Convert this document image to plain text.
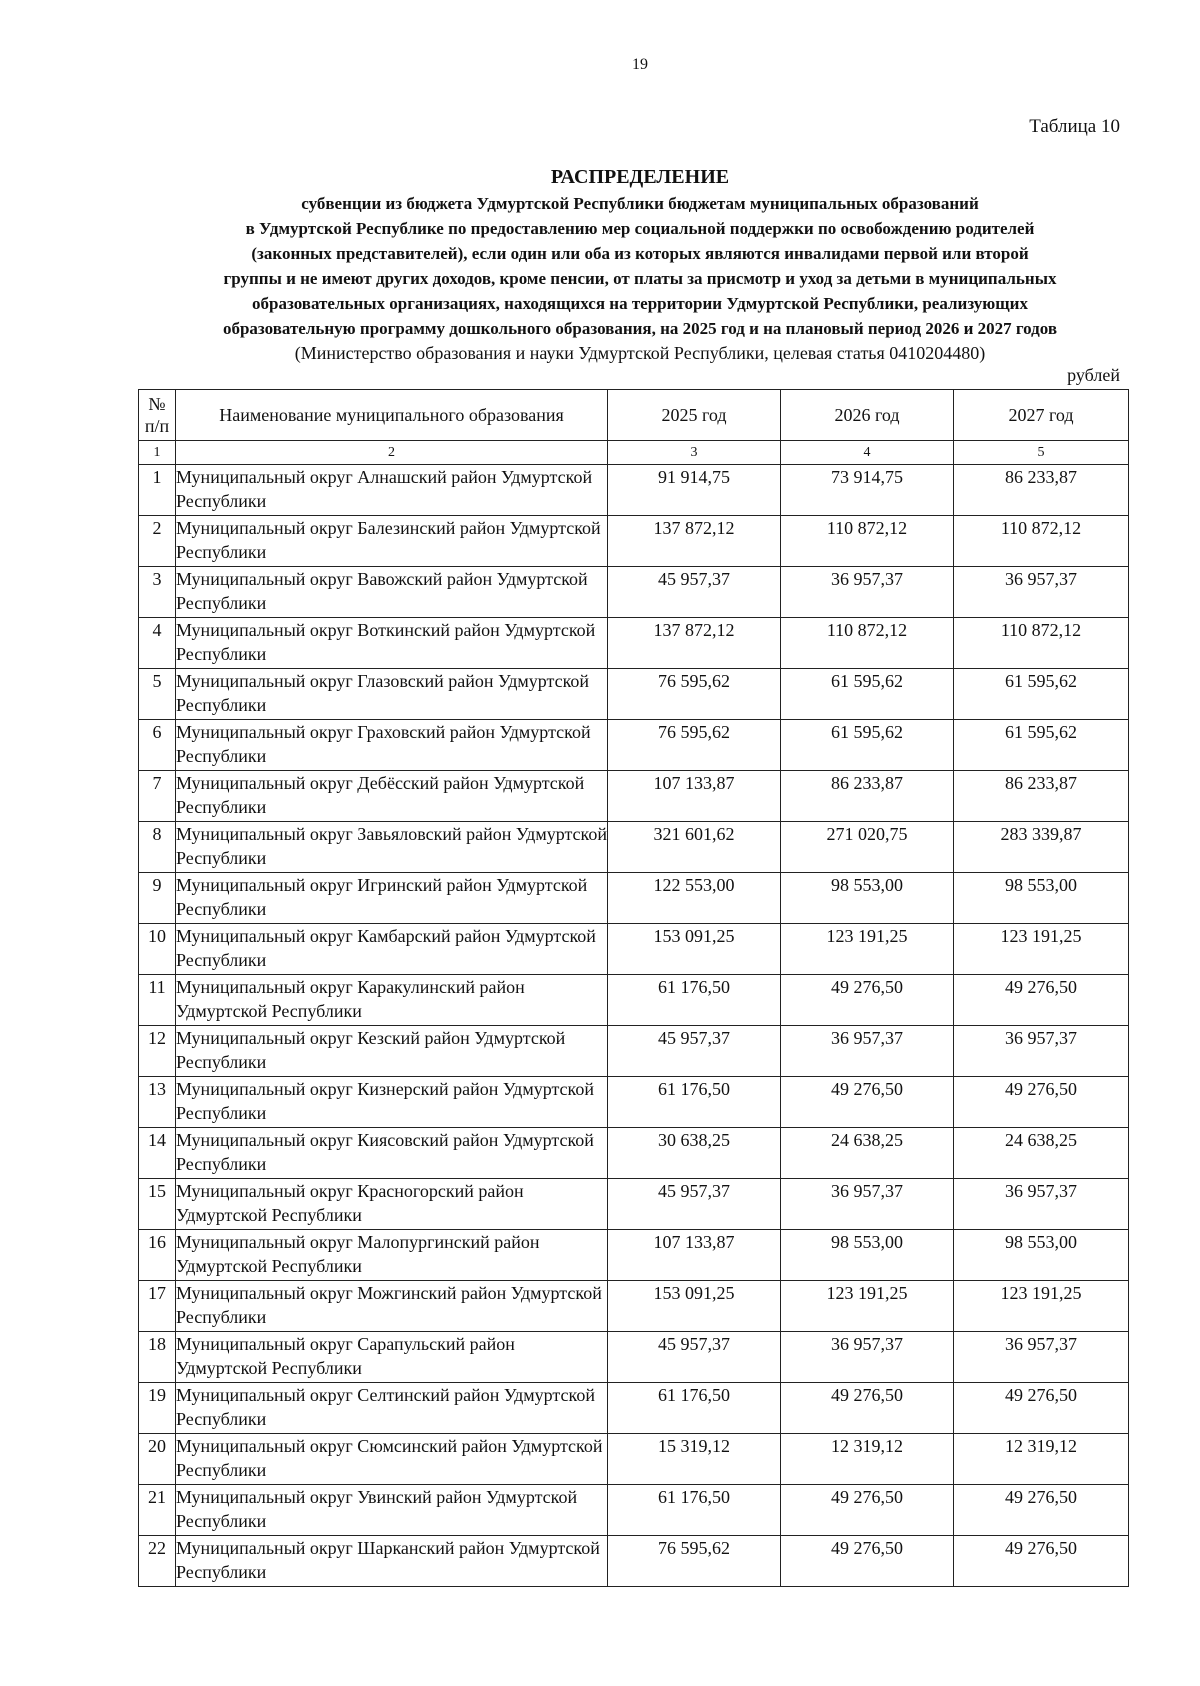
19
Таблица 10
РАСПРЕДЕЛЕНИЕ
субвенции из бюджета Удмуртской Республики бюджетам муниципальных образований
в Удмуртской Республике по предоставлению мер социальной поддержки по освобождению родителей
(законных представителей), если один или оба из которых являются инвалидами первой или второй
группы и не имеют других доходов, кроме пенсии, от платы за присмотр и уход за детьми в муниципальных
образовательных организациях, находящихся на территории Удмуртской Республики, реализующих
образовательную программу дошкольного образования, на 2025 год и на плановый период 2026 и 2027 годов
(Министерство образования и науки Удмуртской Республики, целевая статья 0410204480)
рублей
№ п/п	Наименование муниципального образования	2025 год	2026 год	2027 год
1	2	3	4	5
1	Муниципальный округ Алнашский район Удмуртской Республики	91 914,75	73 914,75	86 233,87
2	Муниципальный округ Балезинский район Удмуртской Республики	137 872,12	110 872,12	110 872,12
3	Муниципальный округ Вавожский район Удмуртской Республики	45 957,37	36 957,37	36 957,37
4	Муниципальный округ Воткинский район Удмуртской Республики	137 872,12	110 872,12	110 872,12
5	Муниципальный округ Глазовский район Удмуртской Республики	76 595,62	61 595,62	61 595,62
6	Муниципальный округ Граховский район Удмуртской Республики	76 595,62	61 595,62	61 595,62
7	Муниципальный округ Дебёсский район Удмуртской Республики	107 133,87	86 233,87	86 233,87
8	Муниципальный округ Завьяловский район Удмуртской Республики	321 601,62	271 020,75	283 339,87
9	Муниципальный округ Игринский район Удмуртской Республики	122 553,00	98 553,00	98 553,00
10	Муниципальный округ Камбарский район Удмуртской Республики	153 091,25	123 191,25	123 191,25
11	Муниципальный округ Каракулинский район Удмуртской Республики	61 176,50	49 276,50	49 276,50
12	Муниципальный округ Кезский район Удмуртской Республики	45 957,37	36 957,37	36 957,37
13	Муниципальный округ Кизнерский район Удмуртской Республики	61 176,50	49 276,50	49 276,50
14	Муниципальный округ Киясовский район Удмуртской Республики	30 638,25	24 638,25	24 638,25
15	Муниципальный округ Красногорский район Удмуртской Республики	45 957,37	36 957,37	36 957,37
16	Муниципальный округ Малопургинский район Удмуртской Республики	107 133,87	98 553,00	98 553,00
17	Муниципальный округ Можгинский район Удмуртской Республики	153 091,25	123 191,25	123 191,25
18	Муниципальный округ Сарапульский район Удмуртской Республики	45 957,37	36 957,37	36 957,37
19	Муниципальный округ Селтинский район Удмуртской Республики	61 176,50	49 276,50	49 276,50
20	Муниципальный округ Сюмсинский район Удмуртской Республики	15 319,12	12 319,12	12 319,12
21	Муниципальный округ Увинский район Удмуртской Республики	61 176,50	49 276,50	49 276,50
22	Муниципальный округ Шарканский район Удмуртской Республики	76 595,62	49 276,50	49 276,50
